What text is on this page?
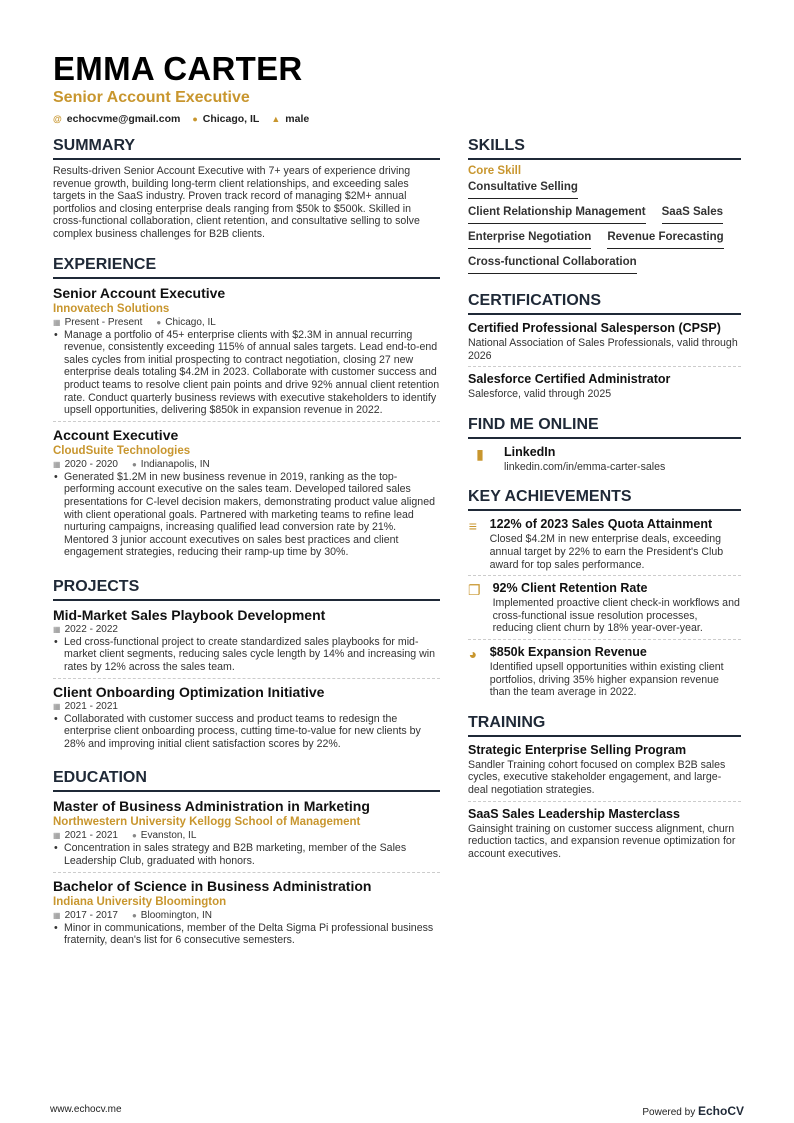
EMMA CARTER
Senior Account Executive
@ echocvme@gmail.com ● Chicago, IL ▲ male
SUMMARY
Results-driven Senior Account Executive with 7+ years of experience driving revenue growth, building long-term client relationships, and exceeding sales targets in the SaaS industry. Proven track record of managing $2M+ annual portfolios and closing enterprise deals ranging from $50k to $500k. Skilled in cross-functional collaboration, client retention, and consultative selling to solve complex business challenges for B2B clients.
EXPERIENCE
Senior Account Executive
Innovatech Solutions
▦ Present - Present ● Chicago, IL
• Manage a portfolio of 45+ enterprise clients with $2.3M in annual recurring revenue, consistently exceeding 115% of annual sales targets. Lead end-to-end sales cycles from initial prospecting to contract negotiation, closing 27 new enterprise deals totaling $4.2M in 2023. Collaborate with customer success and product teams to resolve client pain points and drive 92% annual client retention rate. Conduct quarterly business reviews with executive stakeholders to identify upsell opportunities, delivering $850k in expansion revenue in 2022.
Account Executive
CloudSuite Technologies
▦ 2020 - 2020 ● Indianapolis, IN
• Generated $1.2M in new business revenue in 2019, ranking as the top-performing account executive on the sales team. Developed tailored sales presentations for C-level decision makers, demonstrating product value aligned with client operational goals. Partnered with marketing teams to refine lead nurturing campaigns, increasing qualified lead conversion rate by 21%. Mentored 3 junior account executives on sales best practices and client engagement strategies, reducing their ramp-up time by 30%.
PROJECTS
Mid-Market Sales Playbook Development
▦ 2022 - 2022
• Led cross-functional project to create standardized sales playbooks for mid-market client segments, reducing sales cycle length by 14% and increasing win rates by 12% across the sales team.
Client Onboarding Optimization Initiative
▦ 2021 - 2021
• Collaborated with customer success and product teams to redesign the enterprise client onboarding process, cutting time-to-value for new clients by 28% and improving initial client satisfaction scores by 22%.
EDUCATION
Master of Business Administration in Marketing
Northwestern University Kellogg School of Management
▦ 2021 - 2021 ● Evanston, IL
• Concentration in sales strategy and B2B marketing, member of the Sales Leadership Club, graduated with honors.
Bachelor of Science in Business Administration
Indiana University Bloomington
▦ 2017 - 2017 ● Bloomington, IN
• Minor in communications, member of the Delta Sigma Pi professional business fraternity, dean's list for 6 consecutive semesters.
SKILLS
Core Skill
Consultative Selling
Client Relationship Management SaaS Sales
Enterprise Negotiation Revenue Forecasting
Cross-functional Collaboration
CERTIFICATIONS
Certified Professional Salesperson (CPSP)
National Association of Sales Professionals, valid through 2026
Salesforce Certified Administrator
Salesforce, valid through 2025
FIND ME ONLINE
▮	LinkedIn
linkedin.com/in/emma-carter-sales
KEY ACHIEVEMENTS
≡ 122% of 2023 Sales Quota Attainment
Closed $4.2M in new enterprise deals, exceeding annual target by 22% to earn the President's Club award for top sales performance.
❐ 92% Client Retention Rate
Implemented proactive client check-in workflows and cross-functional issue resolution processes, reducing client churn by 18% year-over-year.
◕ $850k Expansion Revenue
Identified upsell opportunities within existing client portfolios, driving 35% higher expansion revenue than the team average in 2022.
TRAINING
Strategic Enterprise Selling Program
Sandler Training cohort focused on complex B2B sales cycles, executive stakeholder engagement, and large-deal negotiation strategies.
SaaS Sales Leadership Masterclass
Gainsight training on customer success alignment, churn reduction tactics, and expansion revenue optimization for account executives.
www.echocv.me	Powered by EchoCV
